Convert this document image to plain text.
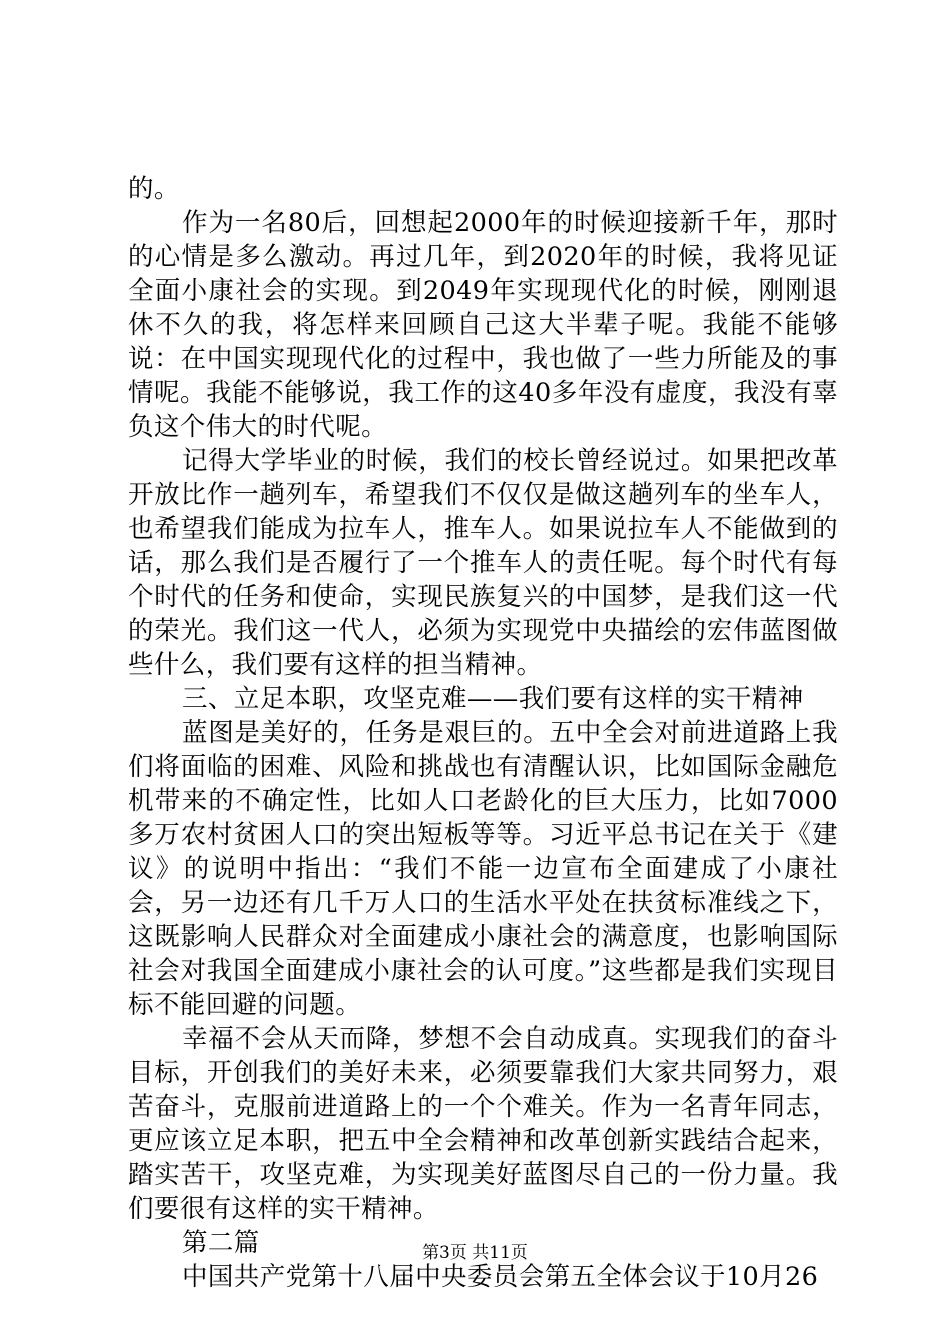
的。

作为一名80后，回想起2000年的时候迎接新千年，那时的心情是多么激动。再过几年，到2020年的时候，我将见证全面小康社会的实现。到2049年实现现代化的时候，刚刚退休不久的我，将怎样来回顾自己这大半辈子呢。我能不能够说：在中国实现现代化的过程中，我也做了一些力所能及的事情呢。我能不能够说，我工作的这40多年没有虚度，我没有辜负这个伟大的时代呢。

记得大学毕业的时候，我们的校长曾经说过。如果把改革开放比作一趟列车，希望我们不仅仅是做这趟列车的坐车人，也希望我们能成为拉车人，推车人。如果说拉车人不能做到的话，那么我们是否履行了一个推车人的责任呢。每个时代有每个时代的任务和使命，实现民族复兴的中国梦，是我们这一代的荣光。我们这一代人，必须为实现党中央描绘的宏伟蓝图做些什么，我们要有这样的担当精神。

三、立足本职，攻坚克难——我们要有这样的实干精神

蓝图是美好的，任务是艰巨的。五中全会对前进道路上我们将面临的困难、风险和挑战也有清醒认识，比如国际金融危机带来的不确定性，比如人口老龄化的巨大压力，比如7000多万农村贫困人口的突出短板等等。习近平总书记在关于《建议》的说明中指出：“我们不能一边宣布全面建成了小康社会，另一边还有几千万人口的生活水平处在扶贫标准线之下，这既影响人民群众对全面建成小康社会的满意度，也影响国际社会对我国全面建成小康社会的认可度。”这些都是我们实现目标不能回避的问题。

幸福不会从天而降，梦想不会自动成真。实现我们的奋斗目标，开创我们的美好未来，必须要靠我们大家共同努力，艰苦奋斗，克服前进道路上的一个个难关。作为一名青年同志，更应该立足本职，把五中全会精神和改革创新实践结合起来，踏实苦干，攻坚克难，为实现美好蓝图尽自己的一份力量。我们要很有这样的实干精神。

第二篇

中国共产党第十八届中央委员会第五全体会议于10月26

第3页 共11页
